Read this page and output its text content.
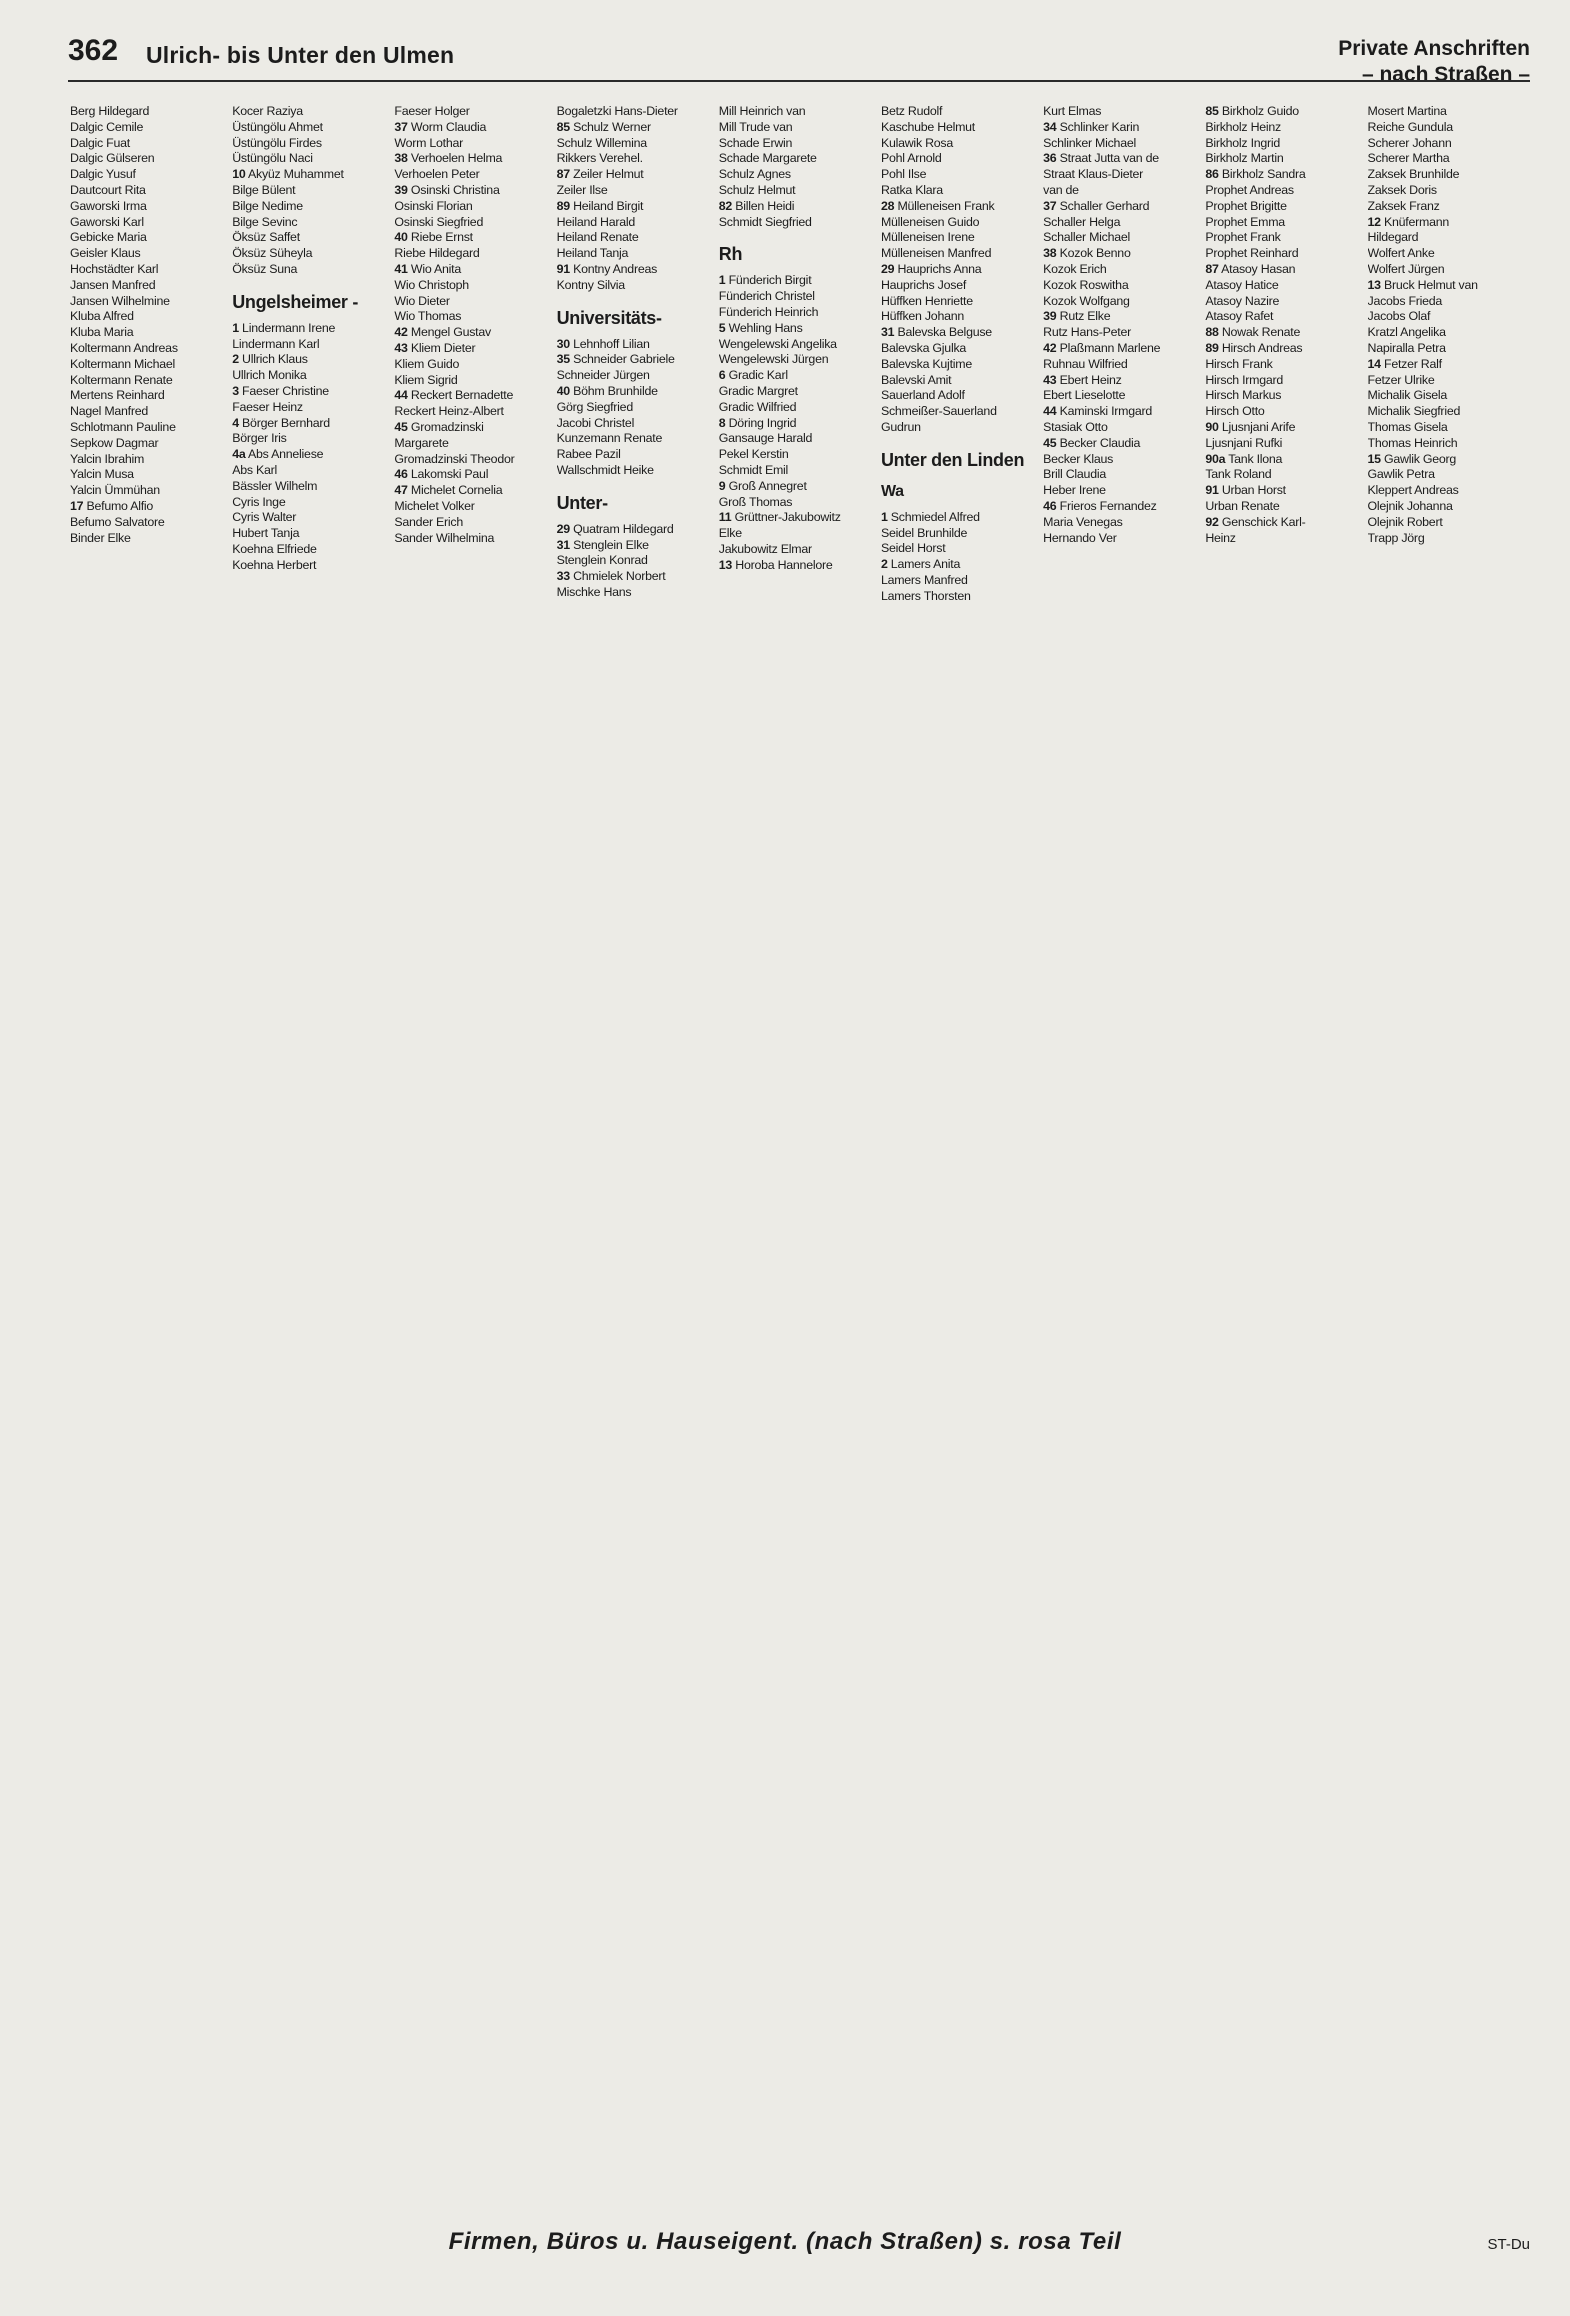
362 Ulrich- bis Unter den Ulmen	Private Anschriften
– nach Straßen –
Berg Hildegard
Dalgic Cemile
Dalgic Fuat
Dalgic Gülseren
Dalgic Yusuf
Dautcourt Rita
Gaworski Irma
Gaworski Karl
Gebicke Maria
Geisler Klaus
Hochstädter Karl
Jansen Manfred
Jansen Wilhelmine
Kluba Alfred
Kluba Maria
Koltermann Andreas
Koltermann Michael
Koltermann Renate
Mertens Reinhard
Nagel Manfred
Schlotmann Pauline
Sepkow Dagmar
Yalcin Ibrahim
Yalcin Musa
Yalcin Ümmühan
17 Befumo Alfio
Befumo Salvatore
Binder Elke
Kocer Raziya
Üstüngölu Ahmet
Üstüngölu Firdes
Üstüngölu Naci
10 Akyüz Muhammet
Bilge Bülent
Bilge Nedime
Bilge Sevinc
Öksüz Saffet
Öksüz Süheyla
Öksüz Suna
Ungelsheimer -
1 Lindermann Irene
Lindermann Karl
2 Ullrich Klaus
Ullrich Monika
3 Faeser Christine
Faeser Heinz
4 Börger Bernhard
Börger Iris
4a Abs Anneliese
Abs Karl
Bässler Wilhelm
Cyris Inge
Cyris Walter
Hubert Tanja
Koehna Elfriede
Koehna Herbert
Faeser Holger
37 Worm Claudia
Worm Lothar
38 Verhoelen Helma
Verhoelen Peter
39 Osinski Christina
Osinski Florian
Osinski Siegfried
40 Riebe Ernst
Riebe Hildegard
41 Wio Anita
Wio Christoph
Wio Dieter
Wio Thomas
42 Mengel Gustav
43 Kliem Dieter
Kliem Guido
Kliem Sigrid
44 Reckert Bernadette
Reckert Heinz-Albert
45 Gromadzinski
Margarete
Gromadzinski Theodor
46 Lakomski Paul
47 Michelet Cornelia
Michelet Volker
Sander Erich
Sander Wilhelmina
Bogaletzki Hans-Dieter
85 Schulz Werner
Schulz Willemina
Rikkers Verehel.
87 Zeiler Helmut
Zeiler Ilse
89 Heiland Birgit
Heiland Harald
Heiland Renate
Heiland Tanja
91 Kontny Andreas
Kontny Silvia
Universitäts-
30 Lehnhoff Lilian
35 Schneider Gabriele
Schneider Jürgen
40 Böhm Brunhilde
Görg Siegfried
Jacobi Christel
Kunzemann Renate
Rabee Pazil
Wallschmidt Heike
Unter-
29 Quatram Hildegard
31 Stenglein Elke
Stenglein Konrad
33 Chmielek Norbert
Mischke Hans
Mill Heinrich van
Mill Trude van
Schade Erwin
Schade Margarete
Schulz Agnes
Schulz Helmut
82 Billen Heidi
Schmidt Siegfried
Rh
1 Fünderich Birgit
Fünderich Christel
Fünderich Heinrich
5 Wehling Hans
Wengelewski Angelika
Wengelewski Jürgen
6 Gradic Karl
Gradic Margret
Gradic Wilfried
8 Döring Ingrid
Gansauge Harald
Pekel Kerstin
Schmidt Emil
9 Groß Annegret
Groß Thomas
11 Grüttner-Jakubowitz
Elke
Jakubowitz Elmar
13 Horoba Hannelore
Betz Rudolf
Kaschube Helmut
Kulawik Rosa
Pohl Arnold
Pohl Ilse
Ratka Klara
28 Mülleneisen Frank
Mülleneisen Guido
Mülleneisen Irene
Mülleneisen Manfred
29 Hauprichs Anna
Hauprichs Josef
Hüffken Henriette
Hüffken Johann
31 Balevska Belguse
Balevska Gjulka
Balevska Kujtime
Balevski Amit
Sauerland Adolf
Schmeißer-Sauerland
Gudrun
Unter den Linden
Wa
1 Schmiedel Alfred
Seidel Brunhilde
Seidel Horst
2 Lamers Anita
Lamers Manfred
Lamers Thorsten
Kurt Elmas
34 Schlinker Karin
Schlinker Michael
36 Straat Jutta van de
Straat Klaus-Dieter
van de
37 Schaller Gerhard
Schaller Helga
Schaller Michael
38 Kozok Benno
Kozok Erich
Kozok Roswitha
Kozok Wolfgang
39 Rutz Elke
Rutz Hans-Peter
42 Plaßmann Marlene
Ruhnau Wilfried
43 Ebert Heinz
Ebert Lieselotte
44 Kaminski Irmgard
Stasiak Otto
45 Becker Claudia
Becker Klaus
Brill Claudia
Heber Irene
46 Frieros Fernandez
Maria Venegas
Hernando Ver
85 Birkholz Guido
Birkholz Heinz
Birkholz Ingrid
Birkholz Martin
86 Birkholz Sandra
Prophet Andreas
Prophet Brigitte
Prophet Emma
Prophet Frank
Prophet Reinhard
87 Atasoy Hasan
Atasoy Hatice
Atasoy Nazire
Atasoy Rafet
88 Nowak Renate
89 Hirsch Andreas
Hirsch Frank
Hirsch Irmgard
Hirsch Markus
Hirsch Otto
90 Ljusnjani Arife
Ljusnjani Rufki
90a Tank Ilona
Tank Roland
91 Urban Horst
Urban Renate
92 Genschick Karl-
Heinz
Mosert Martina
Reiche Gundula
Scherer Johann
Scherer Martha
Zaksek Brunhilde
Zaksek Doris
Zaksek Franz
12 Knüfermann
Hildegard
Wolfert Anke
Wolfert Jürgen
13 Bruck Helmut van
Jacobs Frieda
Jacobs Olaf
Kratzl Angelika
Napiralla Petra
14 Fetzer Ralf
Fetzer Ulrike
Michalik Gisela
Michalik Siegfried
Thomas Gisela
Thomas Heinrich
15 Gawlik Georg
Gawlik Petra
Kleppert Andreas
Olejnik Johanna
Olejnik Robert
Trapp Jörg
Firmen, Büros u. Hauseigent. (nach Straßen) s. rosa Teil	ST-Du
